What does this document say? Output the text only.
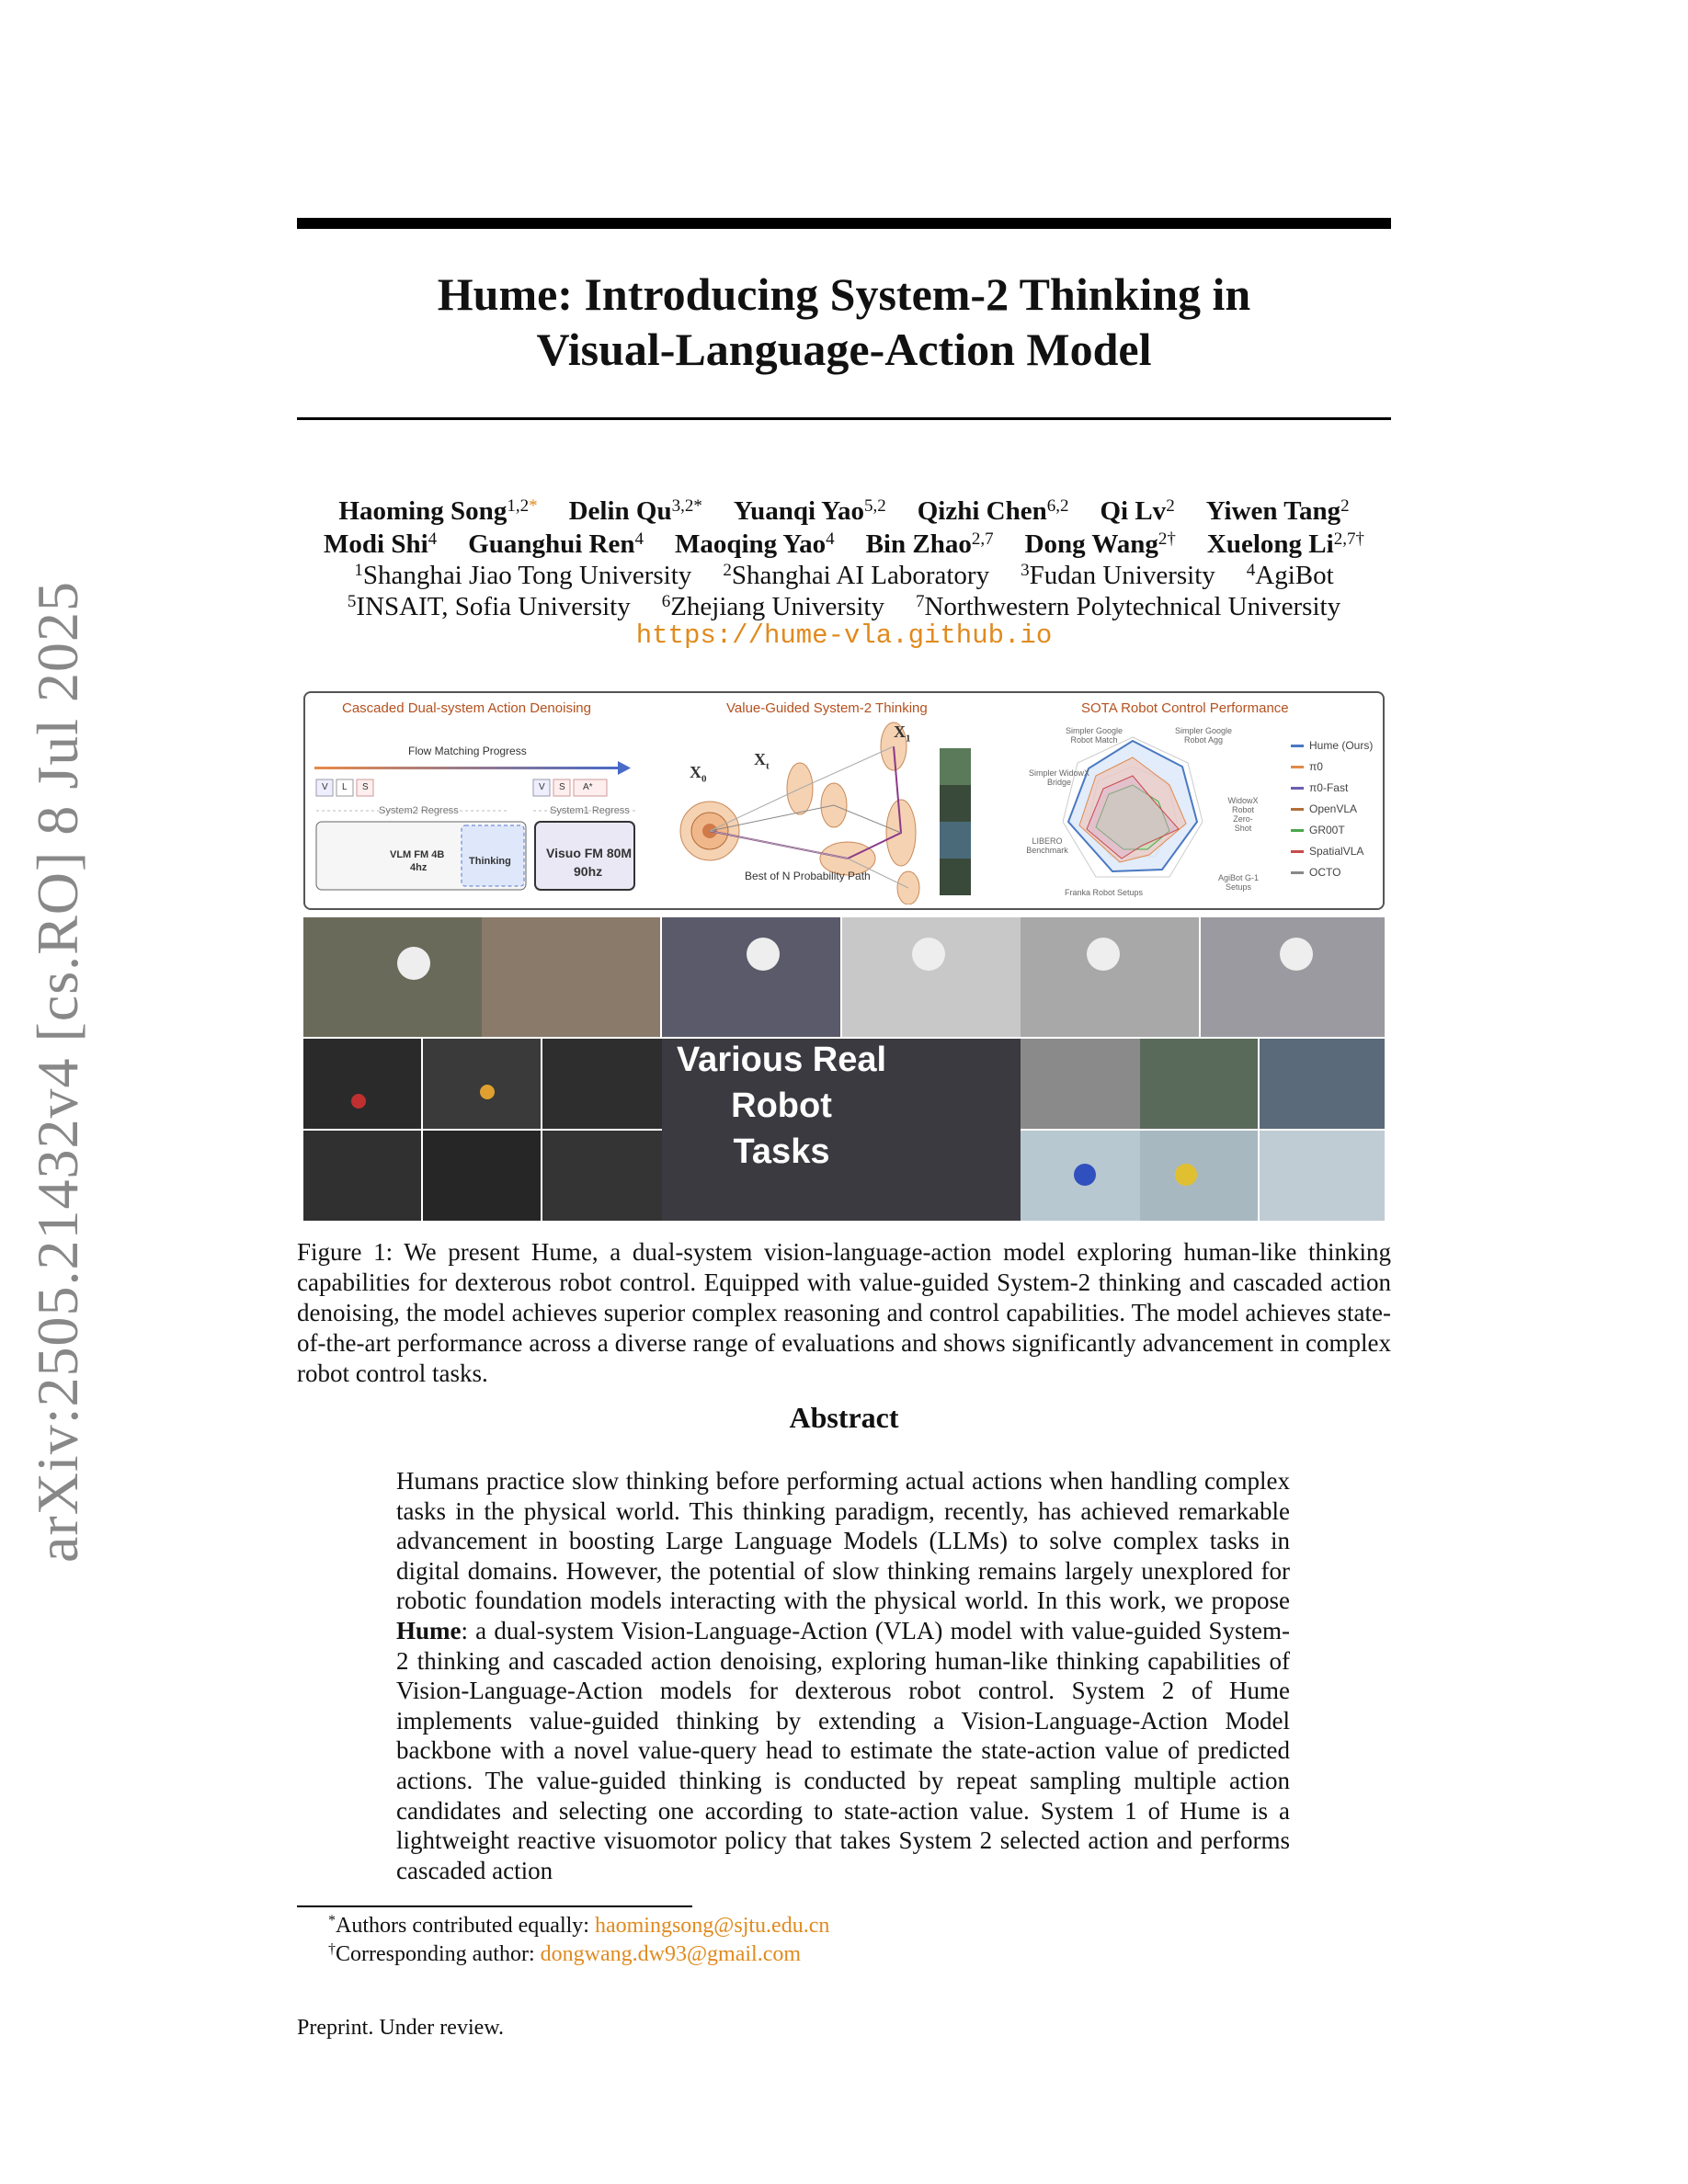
arXiv:2505.21432v4 [cs.RO] 8 Jul 2025
Hume: Introducing System-2 Thinking in
Visual-Language-Action Model
Haoming Song$^{1,2*}$ Delin $Qu^{3,2*}$ Yuanqi Yao$^{5,2}$ Qizhi Chen$^{6,2}$ Qi Lv$^2$ Yiwen Tang$^2$
Modi Shi$^4$ Guanghui Ren$^4$ Maoqing Yao$^4$ Bin Zhao$^{2,7}$ Dong Wang$^{2\dagger}$ Xuelong $Li^{2,7\dagger}$
$^1$Shanghai Jiao Tong University $^2$Shanghai AI Laboratory $^3$Fudan University $^4$AgiBot
$^5$INSAIT, Sofia University $^6$Zhejiang University $^7$Northwestern Polytechnical University
https://hume-vla.github.io
Cascaded Dual-system Action Denoising
Flow Matching Progress
V L S	V S A*
System2 Regress	System1 Regress
VLM FM 4B
4hz
Thinking
Visuo FM 80M
90hz
Value-Guided System-2 Thinking
$X_0$
$X_t$
$X_1$
Best of N Probability Path
SOTA Robot Control Performance
Simpler Google Robot Match
Simpler Google Robot Agg
WidowX Robot Zero-Shot
AgiBot G-1 Setups
Franka Robot Setups
LIBERO Benchmark
Simpler WidowX Bridge
Hume (Ours)
π0
π0-Fast
OpenVLA
GR00T
SpatialVLA
OCTO
Various Real Robot
Tasks
Figure 1: We present Hume, a dual-system vision-language-action model exploring human-like thinking capabilities for dexterous robot control. Equipped with value-guided System-2 thinking and cascaded action denoising, the model achieves superior complex reasoning and control capabilities. The model achieves state-of-the-art performance across a diverse range of evaluations and shows significantly advancement in complex robot control tasks.
Abstract
Humans practice slow thinking before performing actual actions when handling complex tasks in the physical world. This thinking paradigm, recently, has achieved remarkable advancement in boosting Large Language Models (LLMs) to solve complex tasks in digital domains. However, the potential of slow thinking remains largely unexplored for robotic foundation models interacting with the physical world. In this work, we propose Hume: a dual-system Vision-Language-Action (VLA) model with value-guided System-2 thinking and cascaded action denoising, exploring human-like thinking capabilities of Vision-Language-Action models for dexterous robot control. System 2 of Hume implements value-guided thinking by extending a Vision-Language-Action Model backbone with a novel value-query head to estimate the state-action value of predicted actions. The value-guided thinking is conducted by repeat sampling multiple action candidates and selecting one according to state-action value. System 1 of Hume is a lightweight reactive visuomotor policy that takes System 2 selected action and performs cascaded action
*Authors contributed equally: haomingsong@sjtu.edu.cn
†Corresponding author: dongwang.dw93@gmail.com
Preprint. Under review.
